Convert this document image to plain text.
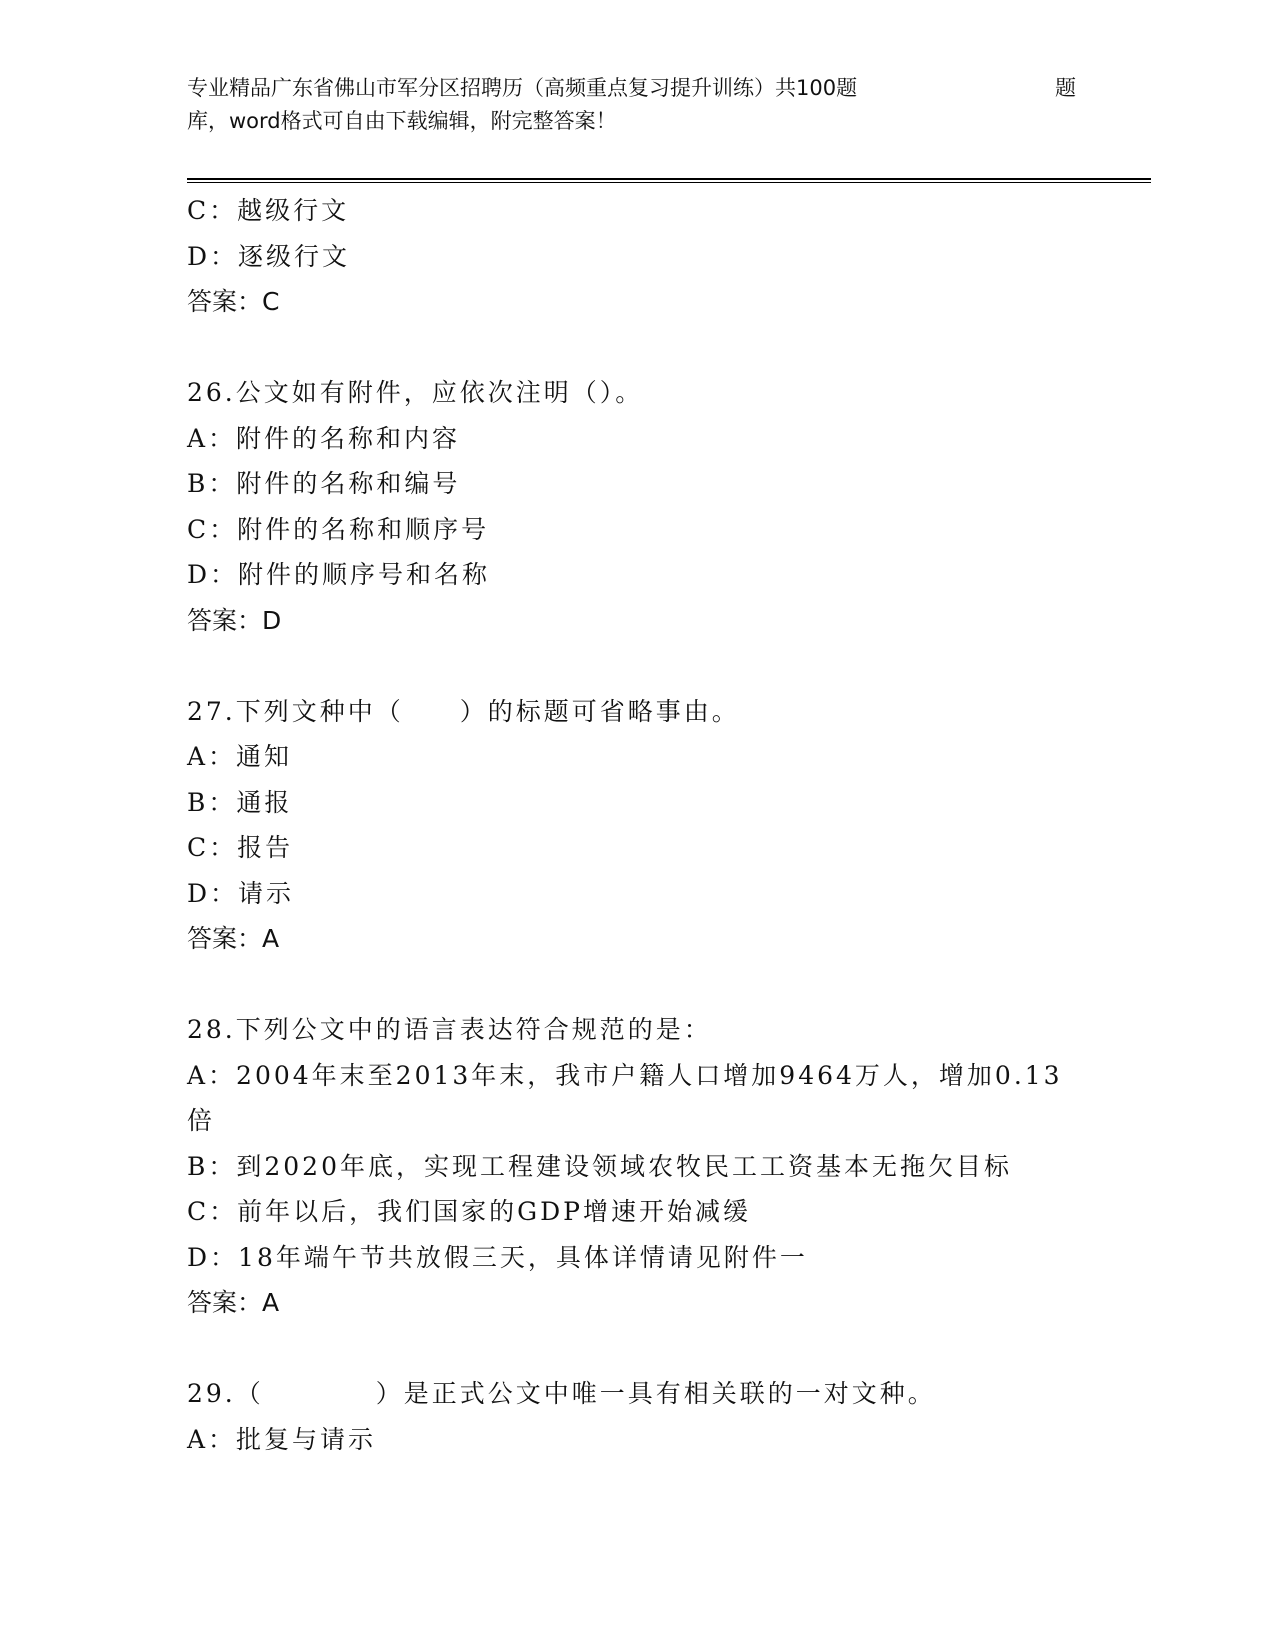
专业精品广东省佛山市军分区招聘历（高频重点复习提升训练）共100题	题
库，word格式可自由下载编辑，附完整答案！
C：越级行文
D：逐级行文
答案：C
26.公文如有附件，应依次注明（）。
A：附件的名称和内容
B：附件的名称和编号
C：附件的名称和顺序号
D：附件的顺序号和名称
答案：D
27.下列文种中（　　）的标题可省略事由。
A：通知
B：通报
C：报告
D：请示
答案：A
28.下列公文中的语言表达符合规范的是：
A：2004年末至2013年末，我市户籍人口增加9464万人，增加0.13
倍
B：到2020年底，实现工程建设领域农牧民工工资基本无拖欠目标
C：前年以后，我们国家的GDP增速开始减缓
D：18年端午节共放假三天，具体详情请见附件一
答案：A
29.（　　　　）是正式公文中唯一具有相关联的一对文种。
A：批复与请示
